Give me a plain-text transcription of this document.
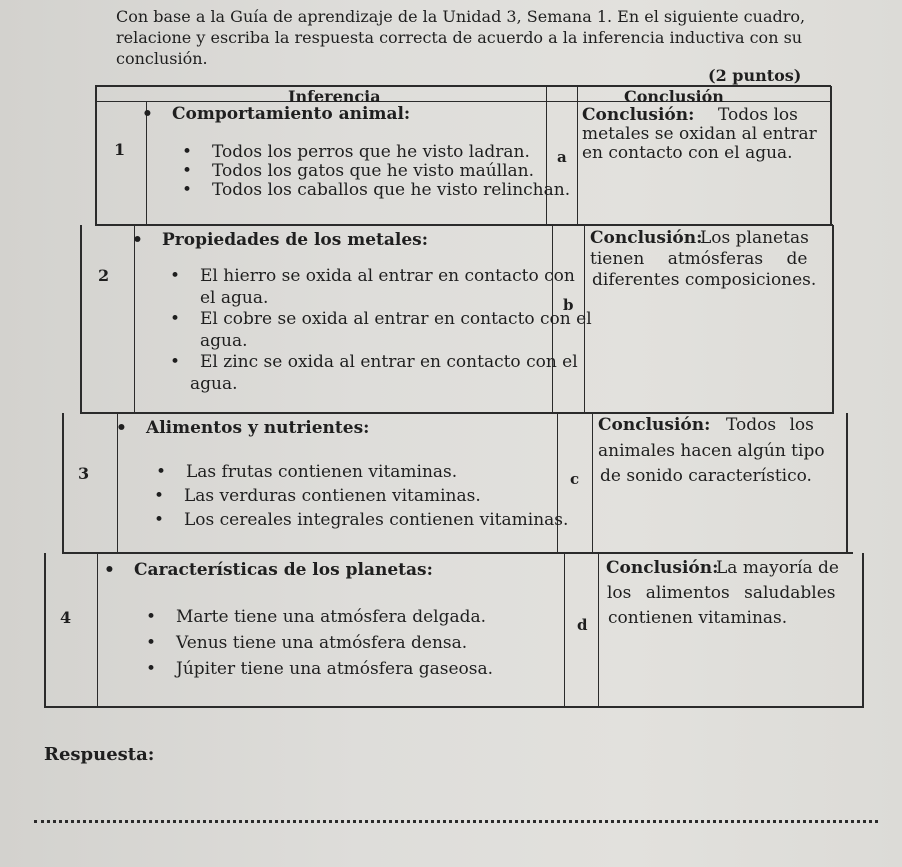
Con base a la Guía de aprendizaje de la Unidad 3, Semana 1. En el siguiente cuadro, relacione y escriba la respuesta correcta de acuerdo a la inferencia inductiva con su conclusión.
(2 puntos)
Inferencia	Conclusión
1
• Comportamiento animal:
• Todos los perros que he visto ladran.
• Todos los gatos que he visto maúllan.
• Todos los caballos que he visto relinchan.
a
Conclusión: Todos los
metales se oxidan al entrar
en contacto con el agua.
2
• Propiedades de los metales:
• El hierro se oxida al entrar en contacto con
el agua.
• El cobre se oxida al entrar en contacto con el
agua.
• El zinc se oxida al entrar en contacto con el
agua.
b
Conclusión:
Los planetas
tienen atmósferas de
diferentes composiciones.
3
• Alimentos y nutrientes:
• Las frutas contienen vitaminas.
• Las verduras contienen vitaminas.
• Los cereales integrales contienen vitaminas.
c
Conclusión: Todos los
animales hacen algún tipo
de sonido característico.
4
• Características de los planetas:
• Marte tiene una atmósfera delgada.
• Venus tiene una atmósfera densa.
• Júpiter tiene una atmósfera gaseosa.
d
Conclusión:
La mayoría de
los alimentos saludables
contienen vitaminas.
Respuesta:
